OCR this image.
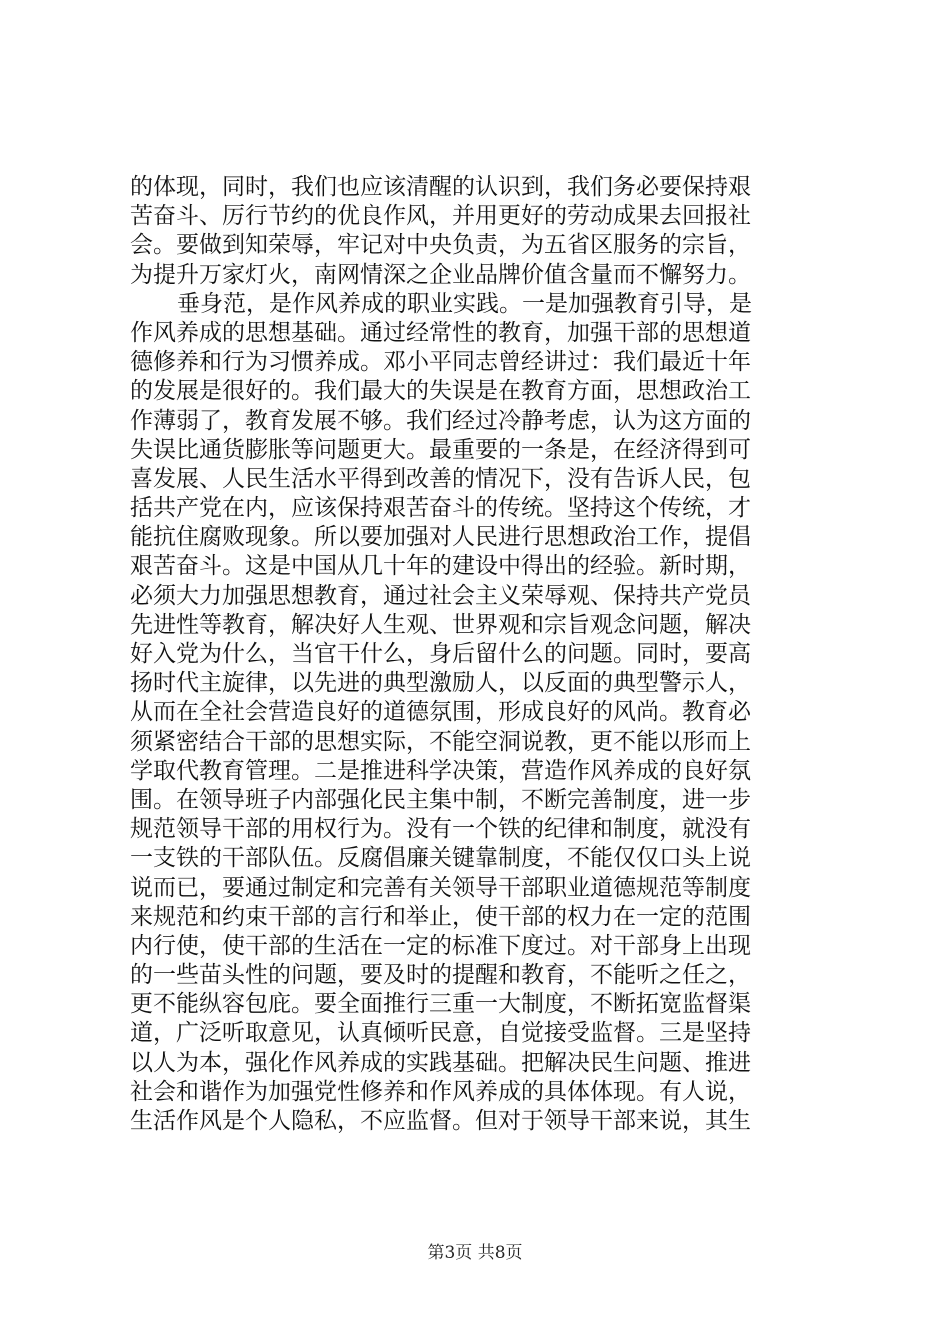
的体现，同时，我们也应该清醒的认识到，我们务必要保持艰
苦奋斗、厉行节约的优良作风，并用更好的劳动成果去回报社
会。要做到知荣辱，牢记对中央负责，为五省区服务的宗旨，
为提升万家灯火，南网情深之企业品牌价值含量而不懈努力。
垂身范，是作风养成的职业实践。一是加强教育引导，是
作风养成的思想基础。通过经常性的教育，加强干部的思想道
德修养和行为习惯养成。邓小平同志曾经讲过：我们最近十年
的发展是很好的。我们最大的失误是在教育方面，思想政治工
作薄弱了，教育发展不够。我们经过冷静考虑，认为这方面的
失误比通货膨胀等问题更大。最重要的一条是，在经济得到可
喜发展、人民生活水平得到改善的情况下，没有告诉人民，包
括共产党在内，应该保持艰苦奋斗的传统。坚持这个传统，才
能抗住腐败现象。所以要加强对人民进行思想政治工作，提倡
艰苦奋斗。这是中国从几十年的建设中得出的经验。新时期，
必须大力加强思想教育，通过社会主义荣辱观、保持共产党员
先进性等教育，解决好人生观、世界观和宗旨观念问题，解决
好入党为什么，当官干什么，身后留什么的问题。同时，要高
扬时代主旋律，以先进的典型激励人，以反面的典型警示人，
从而在全社会营造良好的道德氛围，形成良好的风尚。教育必
须紧密结合干部的思想实际，不能空洞说教，更不能以形而上
学取代教育管理。二是推进科学决策，营造作风养成的良好氛
围。在领导班子内部强化民主集中制，不断完善制度，进一步
规范领导干部的用权行为。没有一个铁的纪律和制度，就没有
一支铁的干部队伍。反腐倡廉关键靠制度，不能仅仅口头上说
说而已，要通过制定和完善有关领导干部职业道德规范等制度
来规范和约束干部的言行和举止，使干部的权力在一定的范围
内行使，使干部的生活在一定的标准下度过。对干部身上出现
的一些苗头性的问题，要及时的提醒和教育，不能听之任之，
更不能纵容包庇。要全面推行三重一大制度，不断拓宽监督渠
道，广泛听取意见，认真倾听民意，自觉接受监督。三是坚持
以人为本，强化作风养成的实践基础。把解决民生问题、推进
社会和谐作为加强党性修养和作风养成的具体体现。有人说，
生活作风是个人隐私，不应监督。但对于领导干部来说，其生
第3页 共8页
